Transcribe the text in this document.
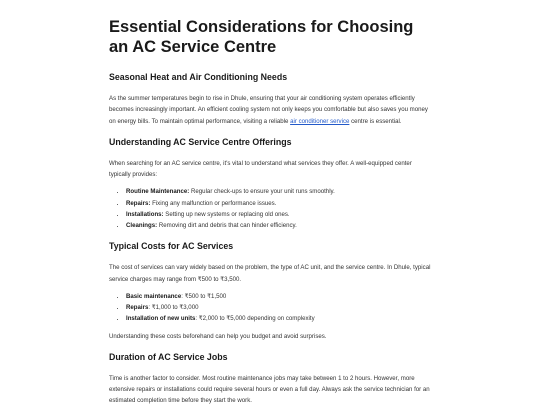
Essential Considerations for Choosing an AC Service Centre
Seasonal Heat and Air Conditioning Needs

As the summer temperatures begin to rise in Dhule, ensuring that your air conditioning system operates efficiently becomes increasingly important. An efficient cooling system not only keeps you comfortable but also saves you money on energy bills. To maintain optimal performance, visiting a reliable air conditioner service centre is essential.

Understanding AC Service Centre Offerings

When searching for an AC service centre, it's vital to understand what services they offer. A well-equipped center typically provides:

• Routine Maintenance: Regular check-ups to ensure your unit runs smoothly.
• Repairs: Fixing any malfunction or performance issues.
• Installations: Setting up new systems or replacing old ones.
• Cleanings: Removing dirt and debris that can hinder efficiency.
Typical Costs for AC Services

The cost of services can vary widely based on the problem, the type of AC unit, and the service centre. In Dhule, typical service charges may range from ₹500 to ₹3,500.

• Basic maintenance: ₹500 to ₹1,500
• Repairs: ₹1,000 to ₹3,000
• Installation of new units: ₹2,000 to ₹5,000 depending on complexity

Understanding these costs beforehand can help you budget and avoid surprises.

Duration of AC Service Jobs

Time is another factor to consider. Most routine maintenance jobs may take between 1 to 2 hours. However, more extensive repairs or installations could require several hours or even a full day. Always ask the service technician for an estimated completion time before they start the work.
